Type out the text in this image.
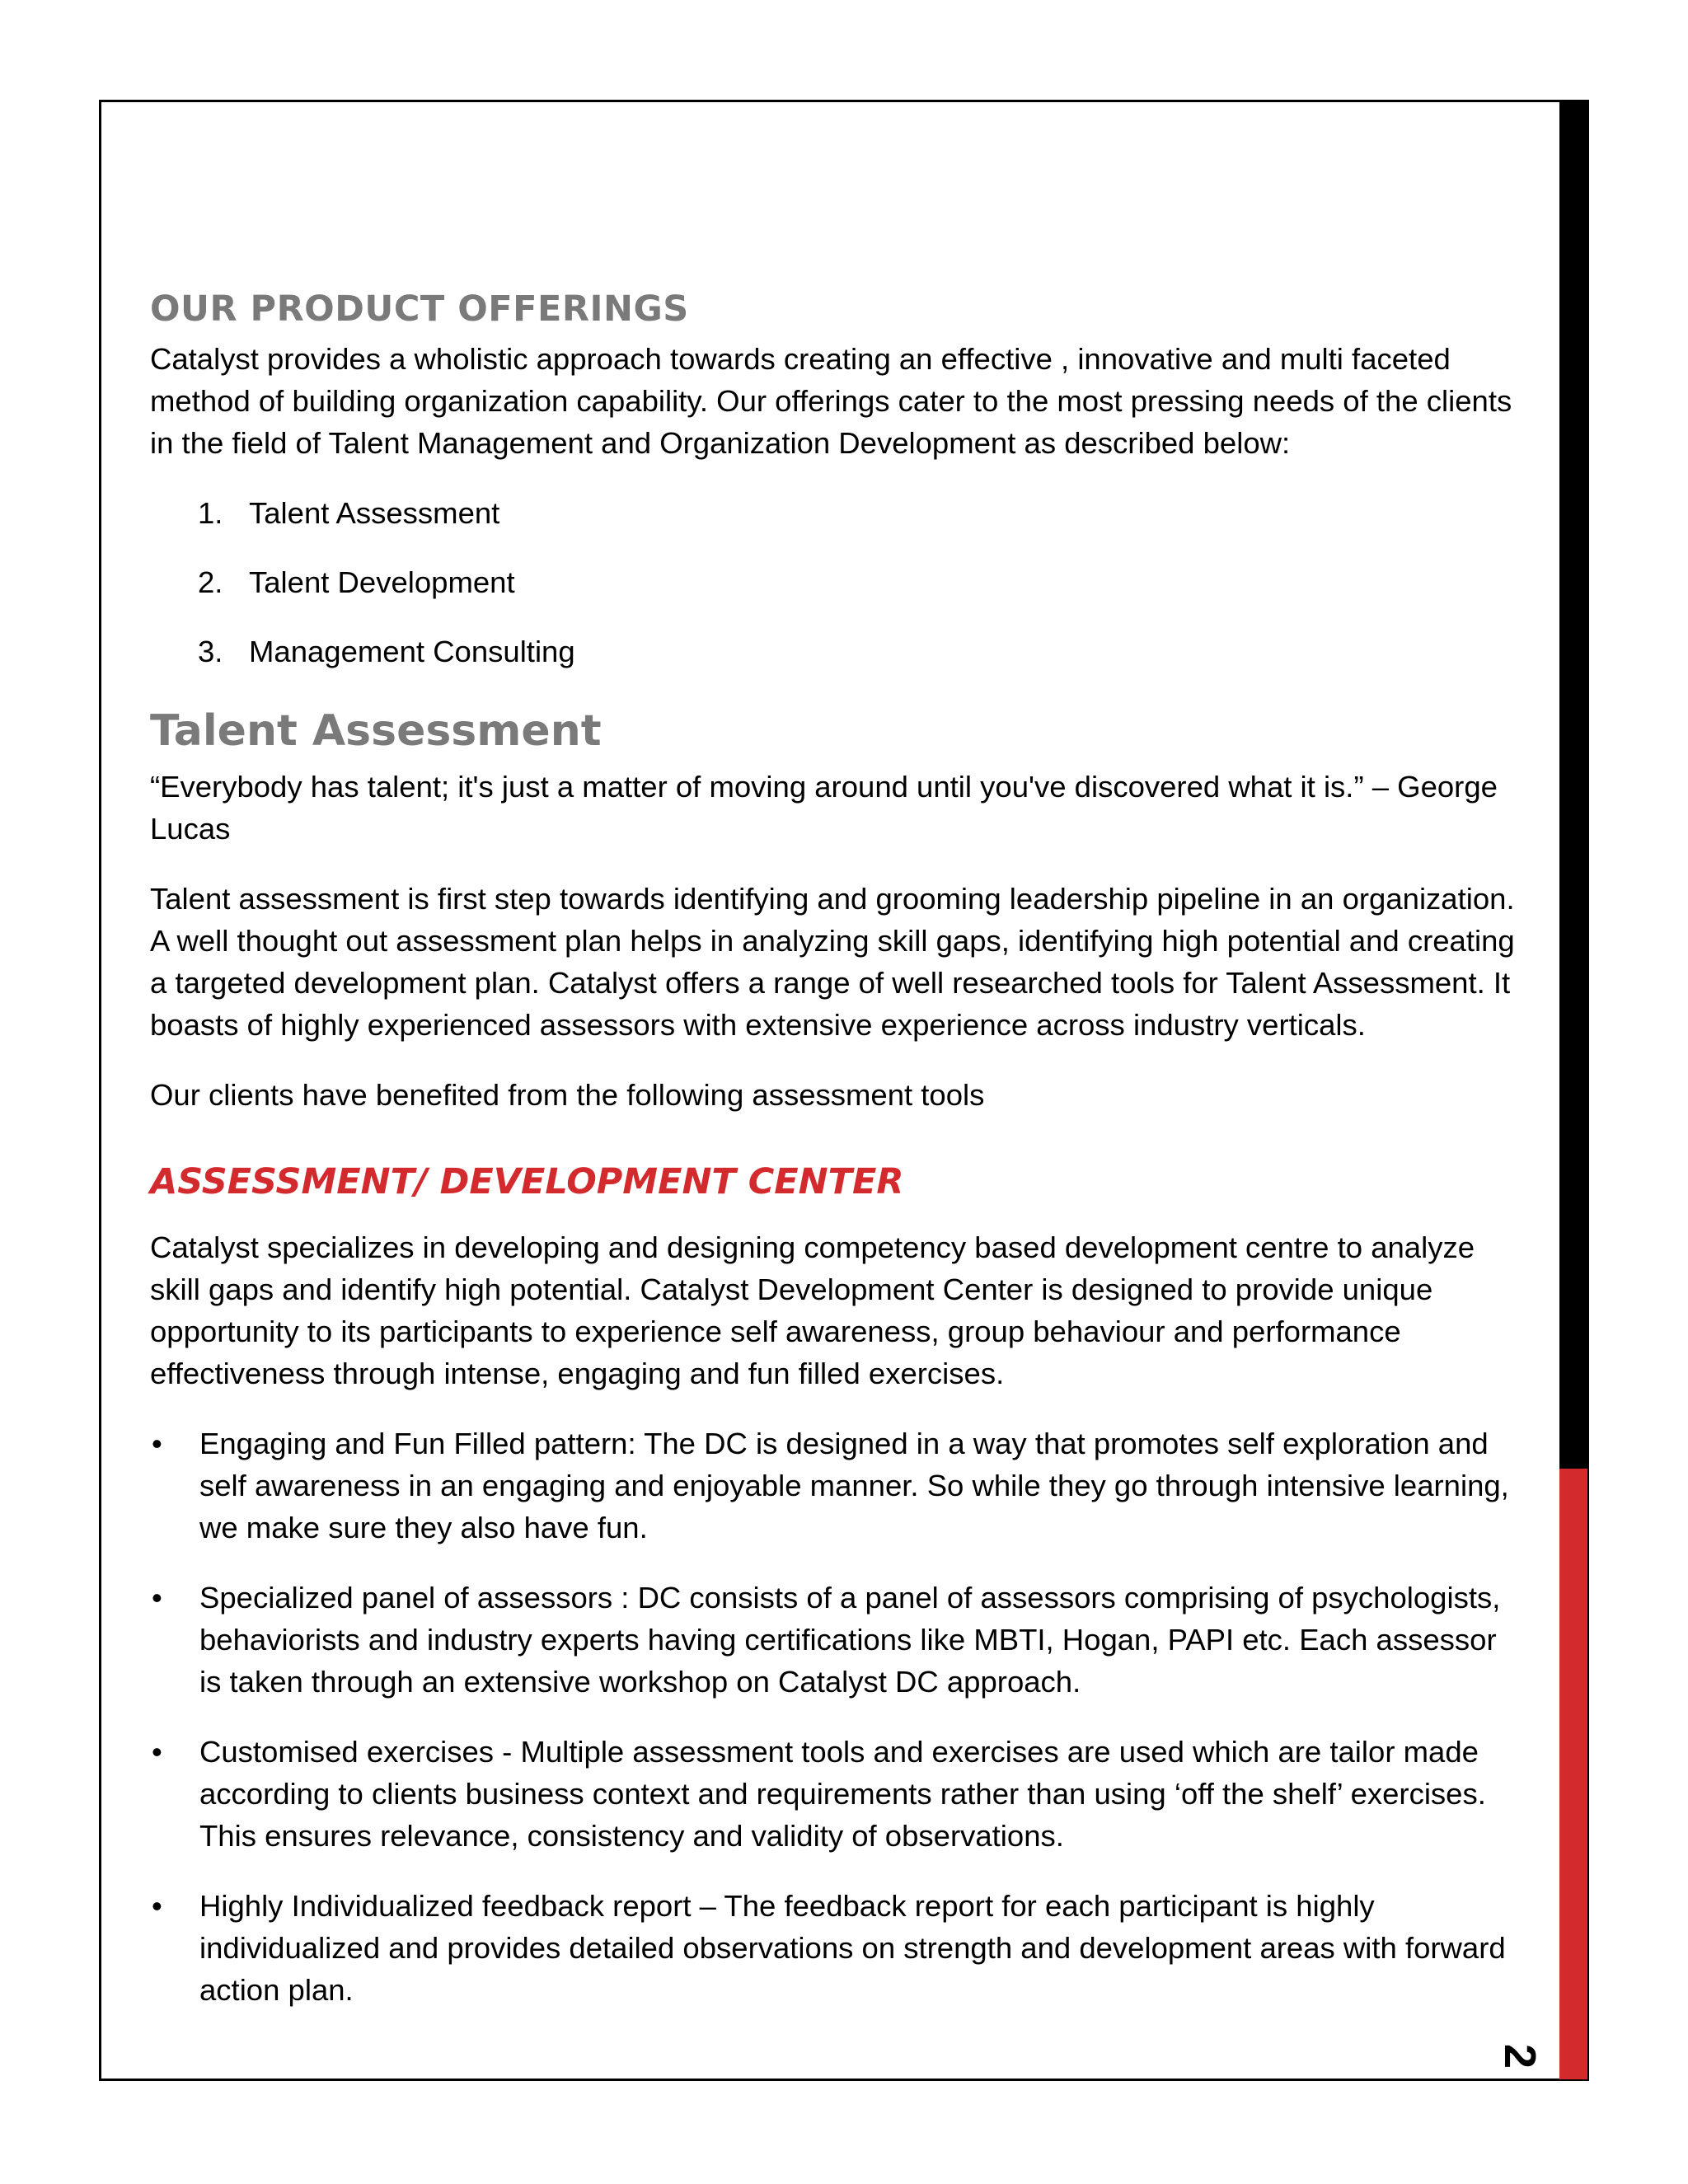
2
OUR PRODUCT OFFERINGS

Catalyst provides a wholistic approach towards creating an effective , innovative and multi faceted method of building organization capability. Our offerings cater to the most pressing needs of the clients in the field of Talent Management and Organization Development as described below:

1. Talent Assessment
2. Talent Development
3. Management Consulting
Talent Assessment

“Everybody has talent; it's just a matter of moving around until you've discovered what it is.” – George Lucas

Talent assessment is first step towards identifying and grooming leadership pipeline in an organization. A well thought out assessment plan helps in analyzing skill gaps, identifying high potential and creating a targeted development plan. Catalyst offers a range of well researched tools for Talent Assessment. It boasts of highly experienced assessors with extensive experience across industry verticals.

Our clients have benefited from the following assessment tools

ASSESSMENT/ DEVELOPMENT CENTER

Catalyst specializes in developing and designing competency based development centre to analyze skill gaps and identify high potential. Catalyst Development Center is designed to provide unique opportunity to its participants to experience self awareness, group behaviour and performance effectiveness through intense, engaging and fun filled exercises.

• Engaging and Fun Filled pattern: The DC is designed in a way that promotes self exploration and self awareness in an engaging and enjoyable manner. So while they go through intensive learning, we make sure they also have fun.
• Specialized panel of assessors : DC consists of a panel of assessors comprising of psychologists, behaviorists and industry experts having certifications like MBTI, Hogan, PAPI etc. Each assessor is taken through an extensive workshop on Catalyst DC approach.
• Customised exercises - Multiple assessment tools and exercises are used which are tailor made according to clients business context and requirements rather than using ‘off the shelf’ exercises. This ensures relevance, consistency and validity of observations.
• Highly Individualized feedback report – The feedback report for each participant is highly individualized and provides detailed observations on strength and development areas with forward action plan.
